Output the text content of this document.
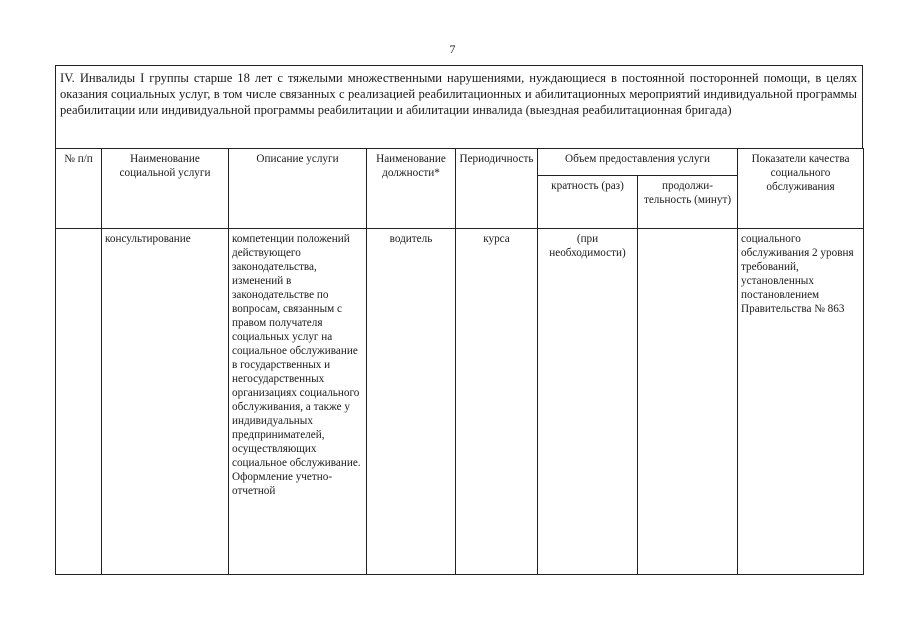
7
IV. Инвалиды I группы старше 18 лет с тяжелыми множественными нарушениями, нуждающиеся в постоянной посторонней помощи, в целях оказания социальных услуг, в том числе связанных с реализацией реабилитационных и абилитационных мероприятий индивидуальной программы реабилитации или индивидуальной программы реабилитации и абилитации инвалида (выездная реабилитационная бригада)
№ п/п	Наименование социальной услуги	Описание услуги	Наименование должности*	Периодичность	Объем предоставления услуги		Показатели качества социального обслуживания
					кратность (раз)	продолжи-тельность (минут)	
	консультирование	компетенции положений действующего законодательства, изменений в законодательстве по вопросам, связанным с правом получателя социальных услуг на социальное обслуживание в государственных и негосударственных организациях социального обслуживания, а также у индивидуальных предпринимателей, осуществляющих социальное обслуживание. Оформление учетно-отчетной	водитель	курса	(при необходимости)		социального обслуживания 2 уровня требований, установленных постановлением Правительства № 863
